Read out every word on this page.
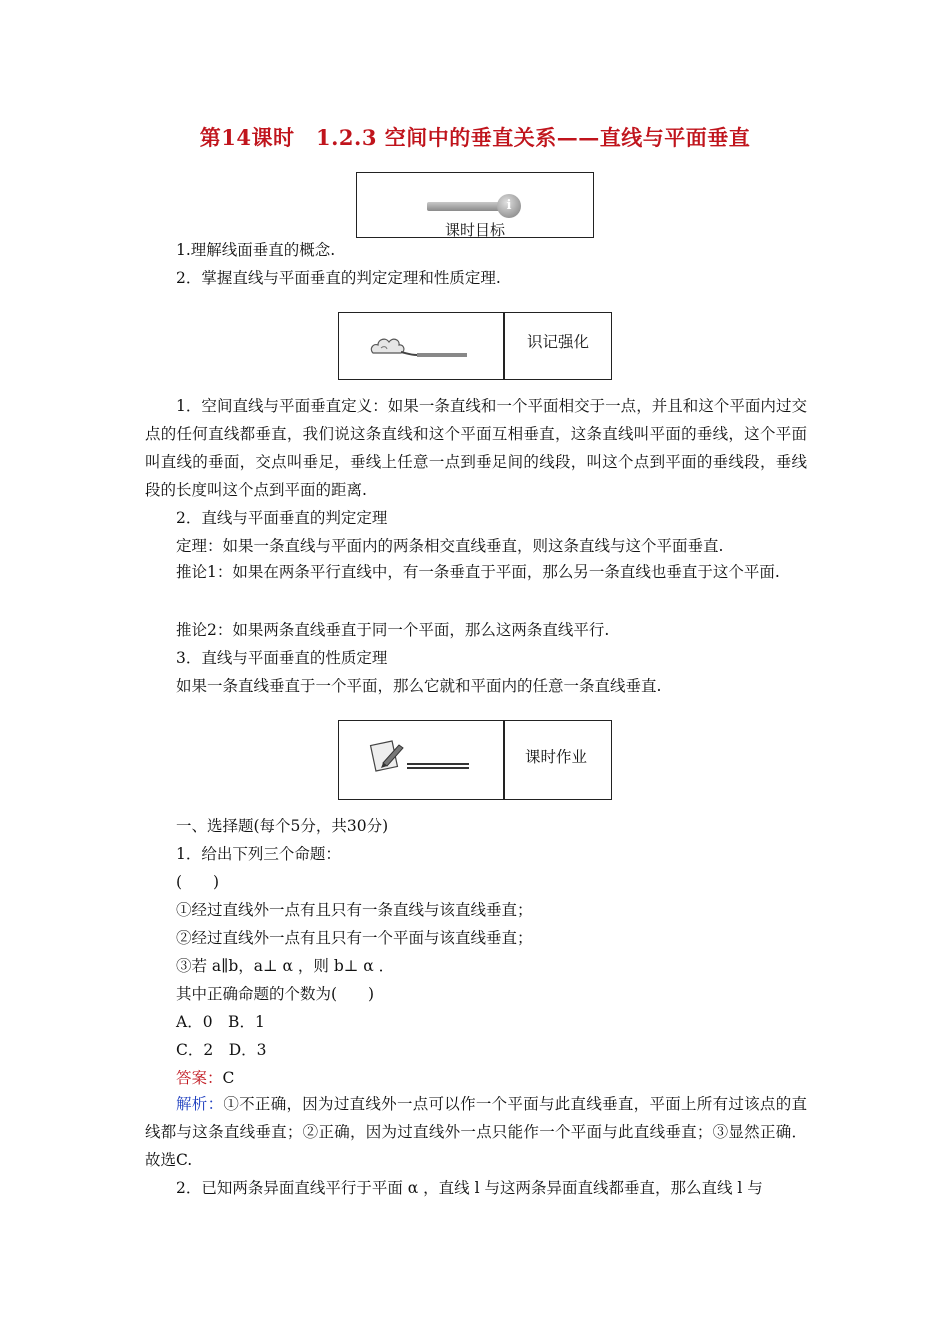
第14课时　1.2.3 空间中的垂直关系——直线与平面垂直
i
课时目标
1.理解线面垂直的概念.
2．掌握直线与平面垂直的判定定理和性质定理.
识记强化
1．空间直线与平面垂直定义：如果一条直线和一个平面相交于一点，并且和这个平面内过交点的任何直线都垂直，我们说这条直线和这个平面互相垂直，这条直线叫平面的垂线，这个平面叫直线的垂面，交点叫垂足，垂线上任意一点到垂足间的线段，叫这个点到平面的垂线段，垂线段的长度叫这个点到平面的距离.
2．直线与平面垂直的判定定理
定理：如果一条直线与平面内的两条相交直线垂直，则这条直线与这个平面垂直.
推论1：如果在两条平行直线中，有一条垂直于平面，那么另一条直线也垂直于这个平面.
推论2：如果两条直线垂直于同一个平面，那么这两条直线平行.
3．直线与平面垂直的性质定理
如果一条直线垂直于一个平面，那么它就和平面内的任意一条直线垂直.
课时作业
一、选择题(每个5分，共30分)
1．给出下列三个命题：
(　　)
①经过直线外一点有且只有一条直线与该直线垂直；
②经过直线外一点有且只有一个平面与该直线垂直；
③若 a∥b，a⊥ α ，则 b⊥ α ．
其中正确命题的个数为(　　)
A．0　B．1
C．2　D．3
答案：C
解析：①不正确，因为过直线外一点可以作一个平面与此直线垂直，平面上所有过该点的直线都与这条直线垂直；②正确，因为过直线外一点只能作一个平面与此直线垂直；③显然正确．故选C.
2．已知两条异面直线平行于平面 α ，直线 l 与这两条异面直线都垂直，那么直线 l 与
